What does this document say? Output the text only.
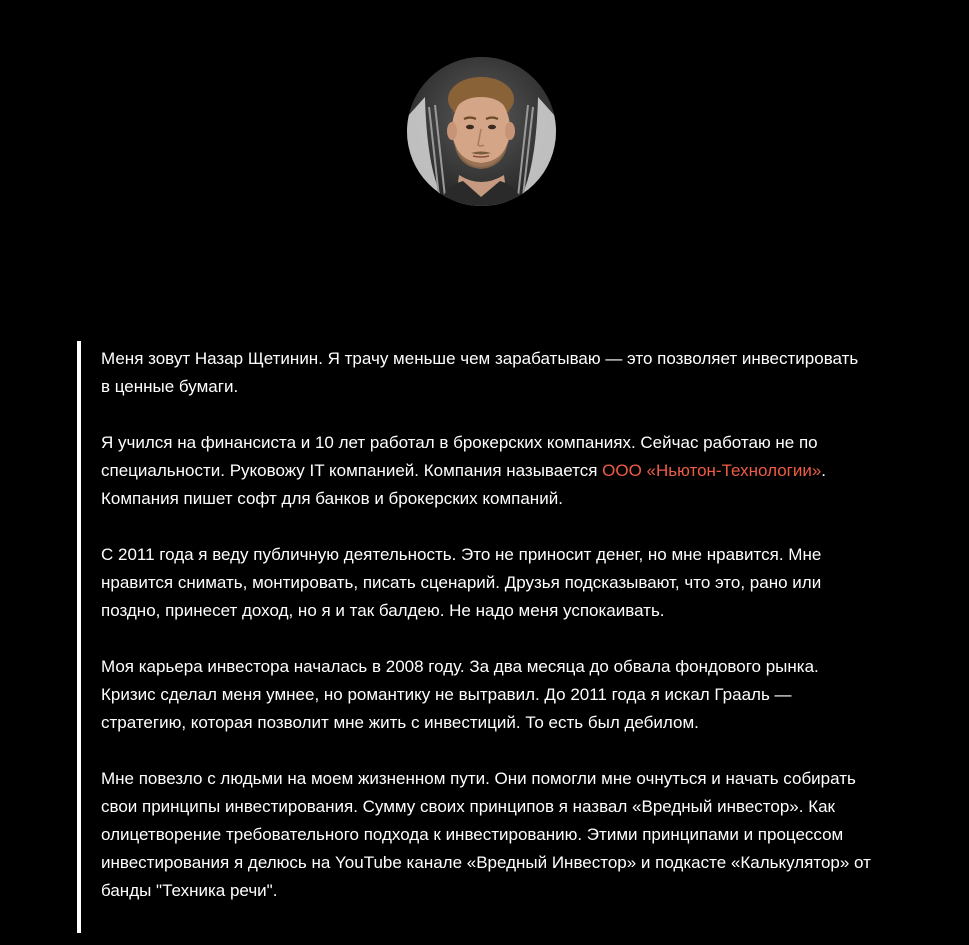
Меня зовут Назар Щетинин. Я трачу меньше чем зарабатываю — это позволяет инвестировать в ценные бумаги.

Я учился на финансиста и 10 лет работал в брокерских компаниях. Сейчас работаю не по специальности. Руковожу IT компанией. Компания называется ООО «Ньютон-Технологии». Компания пишет софт для банков и брокерских компаний.

С 2011 года я веду публичную деятельность. Это не приносит денег, но мне нравится. Мне нравится снимать, монтировать, писать сценарий. Друзья подсказывают, что это, рано или поздно, принесет доход, но я и так балдею. Не надо меня успокаивать.

Моя карьера инвестора началась в 2008 году. За два месяца до обвала фондового рынка. Кризис сделал меня умнее, но романтику не вытравил. До 2011 года я искал Грааль — стратегию, которая позволит мне жить с инвестиций. То есть был дебилом.

Мне повезло с людьми на моем жизненном пути. Они помогли мне очнуться и начать собирать свои принципы инвестирования. Сумму своих принципов я назвал «Вредный инвестор». Как олицетворение требовательного подхода к инвестированию. Этими принципами и процессом инвестирования я делюсь на YouTube канале «Вредный Инвестор» и подкасте «Калькулятор» от банды "Техника речи".
